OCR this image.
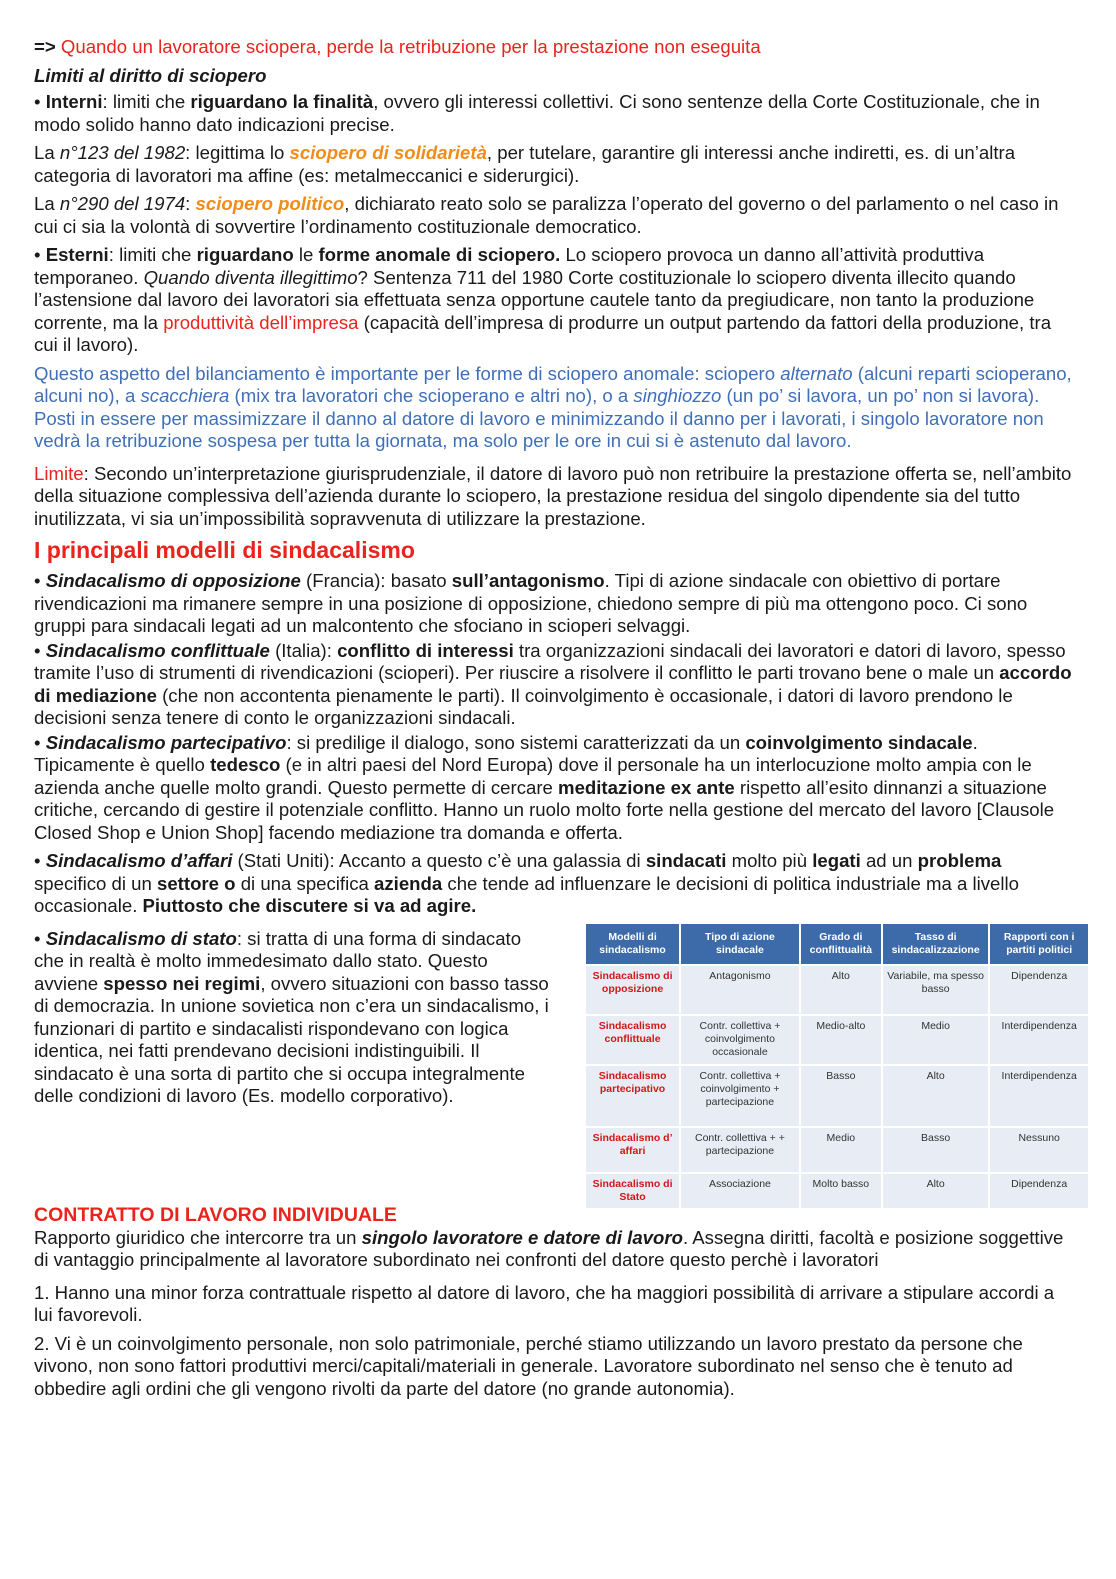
=> Quando un lavoratore sciopera, perde la retribuzione per la prestazione non eseguita

Limiti al diritto di sciopero

• Interni: limiti che riguardano la finalità, ovvero gli interessi collettivi. Ci sono sentenze della Corte Costituzionale, che in modo solido hanno dato indicazioni precise.

La n°123 del 1982: legittima lo sciopero di solidarietà, per tutelare, garantire gli interessi anche indiretti, es. di un’altra categoria di lavoratori ma affine (es: metalmeccanici e siderurgici).

La n°290 del 1974: sciopero politico, dichiarato reato solo se paralizza l’operato del governo o del parlamento o nel caso in cui ci sia la volontà di sovvertire l’ordinamento costituzionale democratico.

• Esterni: limiti che riguardano le forme anomale di sciopero. Lo sciopero provoca un danno all’attività produttiva temporaneo. Quando diventa illegittimo? Sentenza 711 del 1980 Corte costituzionale lo sciopero diventa illecito quando l’astensione dal lavoro dei lavoratori sia effettuata senza opportune cautele tanto da pregiudicare, non tanto la produzione corrente, ma la produttività dell’impresa (capacità dell’impresa di produrre un output partendo da fattori della produzione, tra cui il lavoro).

Questo aspetto del bilanciamento è importante per le forme di sciopero anomale: sciopero alternato (alcuni reparti scioperano, alcuni no), a scacchiera (mix tra lavoratori che scioperano e altri no), o a singhiozzo (un po’ si lavora, un po’ non si lavora). Posti in essere per massimizzare il danno al datore di lavoro e minimizzando il danno per i lavorati, i singolo lavoratore non vedrà la retribuzione sospesa per tutta la giornata, ma solo per le ore in cui si è astenuto dal lavoro.

Limite: Secondo un’interpretazione giurisprudenziale, il datore di lavoro può non retribuire la prestazione offerta se, nell’ambito della situazione complessiva dell’azienda durante lo sciopero, la prestazione residua del singolo dipendente sia del tutto inutilizzata, vi sia un’impossibilità sopravvenuta di utilizzare la prestazione.

I principali modelli di sindacalismo

• Sindacalismo di opposizione (Francia): basato sull’antagonismo. Tipi di azione sindacale con obiettivo di portare rivendicazioni ma rimanere sempre in una posizione di opposizione, chiedono sempre di più ma ottengono poco. Ci sono gruppi para sindacali legati ad un malcontento che sfociano in scioperi selvaggi.

• Sindacalismo conflittuale (Italia): conflitto di interessi tra organizzazioni sindacali dei lavoratori e datori di lavoro, spesso tramite l’uso di strumenti di rivendicazioni (scioperi). Per riuscire a risolvere il conflitto le parti trovano bene o male un accordo di mediazione (che non accontenta pienamente le parti). Il coinvolgimento è occasionale, i datori di lavoro prendono le decisioni senza tenere di conto le organizzazioni sindacali.

• Sindacalismo partecipativo: si predilige il dialogo, sono sistemi caratterizzati da un coinvolgimento sindacale. Tipicamente è quello tedesco (e in altri paesi del Nord Europa) dove il personale ha un interlocuzione molto ampia con le azienda anche quelle molto grandi. Questo permette di cercare meditazione ex ante rispetto all’esito dinnanzi a situazione critiche, cercando di gestire il potenziale conflitto. Hanno un ruolo molto forte nella gestione del mercato del lavoro [Clausole Closed Shop e Union Shop] facendo mediazione tra domanda e offerta.

• Sindacalismo d’affari (Stati Uniti): Accanto a questo c’è una galassia di sindacati molto più legati ad un problema specifico di un settore o di una specifica azienda che tende ad influenzare le decisioni di politica industriale ma a livello occasionale. Piuttosto che discutere si va ad agire.

• Sindacalismo di stato: si tratta di una forma di sindacato che in realtà è molto immedesimato dallo stato. Questo avviene spesso nei regimi, ovvero situazioni con basso tasso di democrazia. In unione sovietica non c’era un sindacalismo, i funzionari di partito e sindacalisti rispondevano con logica identica, nei fatti prendevano decisioni indistinguibili. Il sindacato è una sorta di partito che si occupa integralmente delle condizioni di lavoro (Es. modello corporativo).

Modelli di sindacalismo	Tipo di azione sindacale	Grado di conflittualità	Tasso di sindacalizzazione	Rapporti con i partiti politici
Sindacalismo di opposizione	Antagonismo	Alto	Variabile, ma spesso basso	Dipendenza
Sindacalismo conflittuale	Contr. collettiva + coinvolgimento occasionale	Medio-alto	Medio	Interdipendenza
Sindacalismo partecipativo	Contr. collettiva + coinvolgimento + partecipazione	Basso	Alto	Interdipendenza
Sindacalismo d’ affari	Contr. collettiva + + partecipazione	Medio	Basso	Nessuno
Sindacalismo di Stato	Associazione	Molto basso	Alto	Dipendenza
CONTRATTO DI LAVORO INDIVIDUALE

Rapporto giuridico che intercorre tra un singolo lavoratore e datore di lavoro. Assegna diritti, facoltà e posizione soggettive di vantaggio principalmente al lavoratore subordinato nei confronti del datore questo perchè i lavoratori

1. Hanno una minor forza contrattuale rispetto al datore di lavoro, che ha maggiori possibilità di arrivare a stipulare accordi a lui favorevoli.

2. Vi è un coinvolgimento personale, non solo patrimoniale, perché stiamo utilizzando un lavoro prestato da persone che vivono, non sono fattori produttivi merci/capitali/materiali in generale. Lavoratore subordinato nel senso che è tenuto ad obbedire agli ordini che gli vengono rivolti da parte del datore (no grande autonomia).
